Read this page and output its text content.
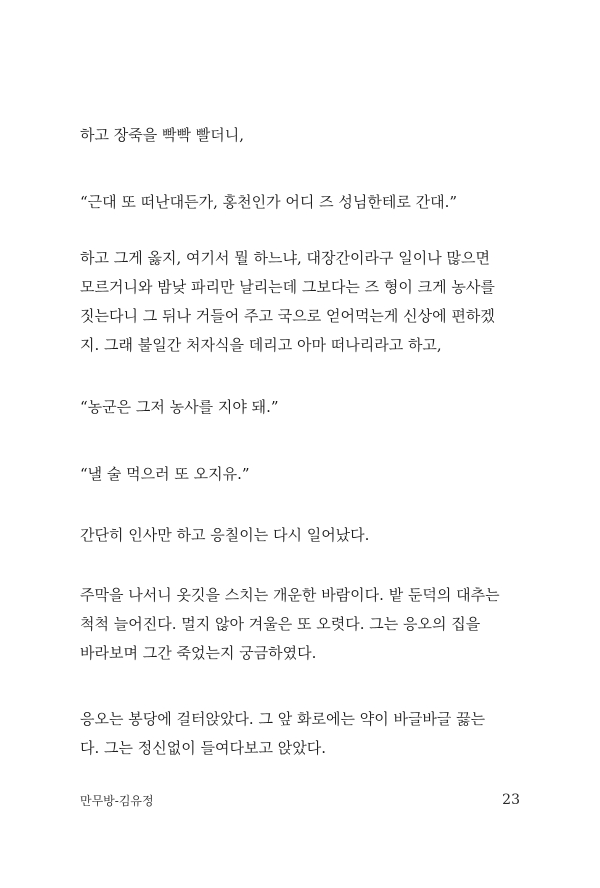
하고 장죽을 빡빡 빨더니,

“근대 또 떠난대든가, 홍천인가 어디 즈 성님한테로 간대.”

하고 그게 옳지, 여기서 뭘 하느냐, 대장간이라구 일이나 많으면
모르거니와 밤낮 파리만 날리는데 그보다는 즈 형이 크게 농사를
짓는다니 그 뒤나 거들어 주고 국으로 얻어먹는게 신상에 편하겠
지. 그래 불일간 처자식을 데리고 아마 떠나리라고 하고,

“농군은 그저 농사를 지야 돼.”

“낼 술 먹으러 또 오지유.”

간단히 인사만 하고 응칠이는 다시 일어났다.

주막을 나서니 옷깃을 스치는 개운한 바람이다. 밭 둔덕의 대추는
척척 늘어진다. 멀지 않아 겨울은 또 오렷다. 그는 응오의 집을
바라보며 그간 죽었는지 궁금하였다.

응오는 봉당에 걸터앉았다. 그 앞 화로에는 약이 바글바글 끓는
다. 그는 정신없이 들여다보고 앉았다.

만무방-김유정	23
